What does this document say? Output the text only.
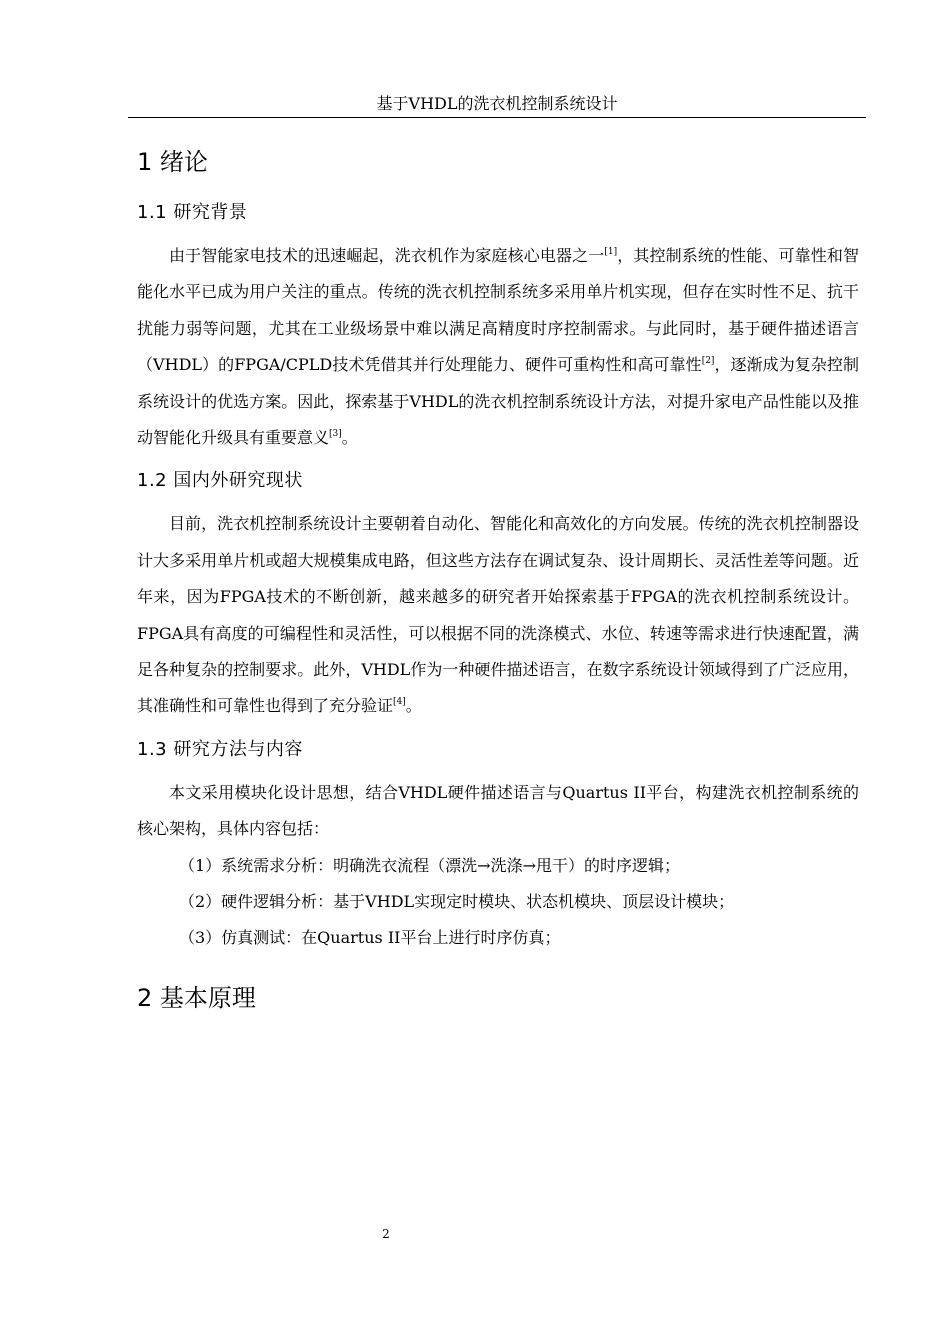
基于VHDL的洗衣机控制系统设计
1 绪论
1.1 研究背景

由于智能家电技术的迅速崛起，洗衣机作为家庭核心电器之一[1]，其控制系统的性能、可靠性和智能化水平已成为用户关注的重点。传统的洗衣机控制系统多采用单片机实现，但存在实时性不足、抗干扰能力弱等问题，尤其在工业级场景中难以满足高精度时序控制需求。与此同时，基于硬件描述语言（VHDL）的FPGA/CPLD技术凭借其并行处理能力、硬件可重构性和高可靠性[2]，逐渐成为复杂控制系统设计的优选方案。因此，探索基于VHDL的洗衣机控制系统设计方法，对提升家电产品性能以及推动智能化升级具有重要意义[3]。

1.2 国内外研究现状

目前，洗衣机控制系统设计主要朝着自动化、智能化和高效化的方向发展。传统的洗衣机控制器设计大多采用单片机或超大规模集成电路，但这些方法存在调试复杂、设计周期长、灵活性差等问题。近年来，因为FPGA技术的不断创新，越来越多的研究者开始探索基于FPGA的洗衣机控制系统设计。FPGA具有高度的可编程性和灵活性，可以根据不同的洗涤模式、水位、转速等需求进行快速配置，满足各种复杂的控制要求。此外，VHDL作为一种硬件描述语言，在数字系统设计领域得到了广泛应用，其准确性和可靠性也得到了充分验证[4]。

1.3 研究方法与内容

本文采用模块化设计思想，结合VHDL硬件描述语言与Quartus II平台，构建洗衣机控制系统的核心架构，具体内容包括：

（1）系统需求分析：明确洗衣流程（漂洗→洗涤→甩干）的时序逻辑；

（2）硬件逻辑分析：基于VHDL实现定时模块、状态机模块、顶层设计模块；

（3）仿真测试：在Quartus II平台上进行时序仿真；

2 基本原理
2
